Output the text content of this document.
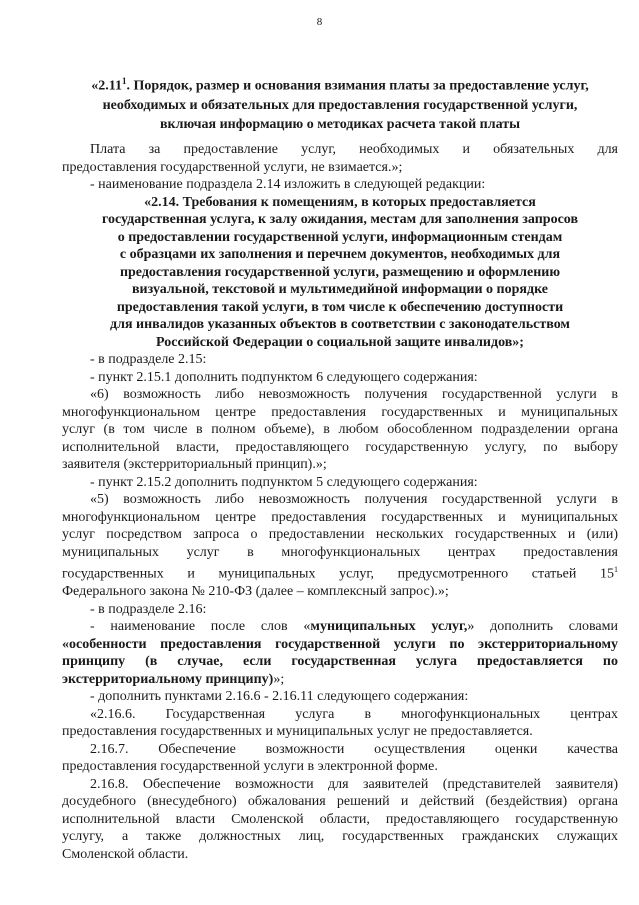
8
«2.11$^1$. Порядок, размер и основания взимания платы за предоставление услуг,
необходимых и обязательных для предоставления государственной услуги,
включая информацию о методиках расчета такой платы

Плата за предоставление услуг, необходимых и обязательных для

предоставления государственной услуги, не взимается.»;

- наименование подраздела 2.14 изложить в следующей редакции:

«2.14. Требования к помещениям, в которых предоставляется

государственная услуга, к залу ожидания, местам для заполнения запросов

о предоставлении государственной услуги, информационным стендам

с образцами их заполнения и перечнем документов, необходимых для

предоставления государственной услуги, размещению и оформлению

визуальной, текстовой и мультимедийной информации о порядке

предоставления такой услуги, в том числе к обеспечению доступности

для инвалидов указанных объектов в соответствии с законодательством

Российской Федерации о социальной защите инвалидов»;

- в подразделе 2.15:

- пункт 2.15.1 дополнить подпунктом 6 следующего содержания:

«6) возможность либо невозможность получения государственной услуги в

многофункциональном центре предоставления государственных и муниципальных

услуг (в том числе в полном объеме), в любом обособленном подразделении органа

исполнительной власти, предоставляющего государственную услугу, по выбору

заявителя (экстерриториальный принцип).»;

- пункт 2.15.2 дополнить подпунктом 5 следующего содержания:

«5) возможность либо невозможность получения государственной услуги в

многофункциональном центре предоставления государственных и муниципальных

услуг посредством запроса о предоставлении нескольких государственных и (или)

муниципальных услуг в многофункциональных центрах предоставления

государственных и муниципальных услуг, предусмотренного статьей $15^1$

Федерального закона № 210-ФЗ (далее – комплексный запрос).»;

- в подразделе 2.16:

- наименование после слов «муниципальных услуг,» дополнить словами

«особенности предоставления государственной услуги по экстерриториальному

принципу (в случае, если государственная услуга предоставляется по

экстерриториальному принципу)»;

- дополнить пунктами 2.16.6 - 2.16.11 следующего содержания:

«2.16.6. Государственная услуга в многофункциональных центрах

предоставления государственных и муниципальных услуг не предоставляется.

2.16.7. Обеспечение возможности осуществления оценки качества

предоставления государственной услуги в электронной форме.

2.16.8. Обеспечение возможности для заявителей (представителей заявителя)

досудебного (внесудебного) обжалования решений и действий (бездействия) органа

исполнительной власти Смоленской области, предоставляющего государственную

услугу, а также должностных лиц, государственных гражданских служащих

Смоленской области.
